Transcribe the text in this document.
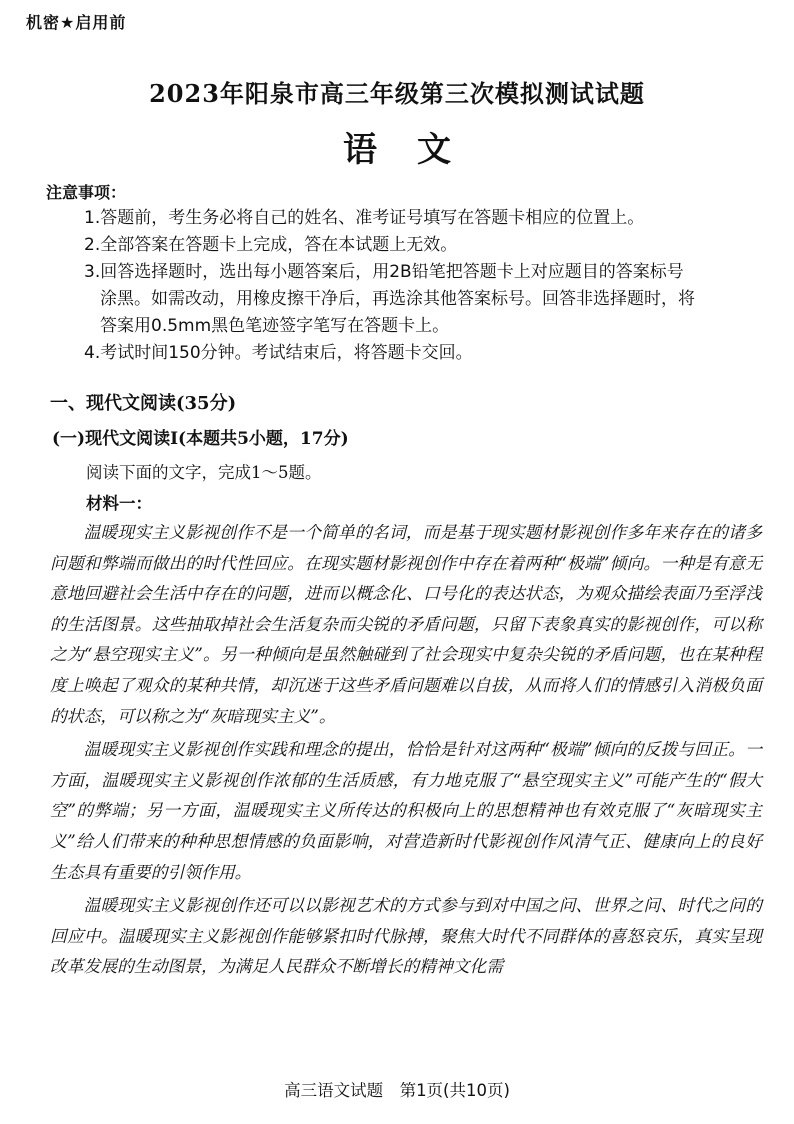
机密★启用前
2023年阳泉市高三年级第三次模拟测试试题
语文
注意事项：

1.答题前，考生务必将自己的姓名、准考证号填写在答题卡相应的位置上。

2.全部答案在答题卡上完成，答在本试题上无效。

3.回答选择题时，选出每小题答案后，用2B铅笔把答题卡上对应题目的答案标号

涂黑。如需改动，用橡皮擦干净后，再选涂其他答案标号。回答非选择题时，将

答案用0.5mm黑色笔迹签字笔写在答题卡上。

4.考试时间150分钟。考试结束后，将答题卡交回。

一、现代文阅读(35分)
(一)现代文阅读Ⅰ(本题共5小题，17分)
阅读下面的文字，完成1～5题。
材料一：

温暖现实主义影视创作不是一个简单的名词，而是基于现实题材影视创作多年来存在的诸多问题和弊端而做出的时代性回应。在现实题材影视创作中存在着两种“极端”倾向。一种是有意无意地回避社会生活中存在的问题，进而以概念化、口号化的表达状态，为观众描绘表面乃至浮浅的生活图景。这些抽取掉社会生活复杂而尖锐的矛盾问题，只留下表象真实的影视创作，可以称之为“悬空现实主义”。另一种倾向是虽然触碰到了社会现实中复杂尖锐的矛盾问题，也在某种程度上唤起了观众的某种共情，却沉迷于这些矛盾问题难以自拔，从而将人们的情感引入消极负面的状态，可以称之为“灰暗现实主义”。

温暖现实主义影视创作实践和理念的提出，恰恰是针对这两种“极端”倾向的反拨与回正。一方面，温暖现实主义影视创作浓郁的生活质感，有力地克服了“悬空现实主义”可能产生的“假大空”的弊端；另一方面，温暖现实主义所传达的积极向上的思想精神也有效克服了“灰暗现实主义”给人们带来的种种思想情感的负面影响，对营造新时代影视创作风清气正、健康向上的良好生态具有重要的引领作用。

温暖现实主义影视创作还可以以影视艺术的方式参与到对中国之问、世界之问、时代之问的回应中。温暖现实主义影视创作能够紧扣时代脉搏，聚焦大时代不同群体的喜怒哀乐，真实呈现改革发展的生动图景，为满足人民群众不断增长的精神文化需

高三语文试题　第1页(共10页)
